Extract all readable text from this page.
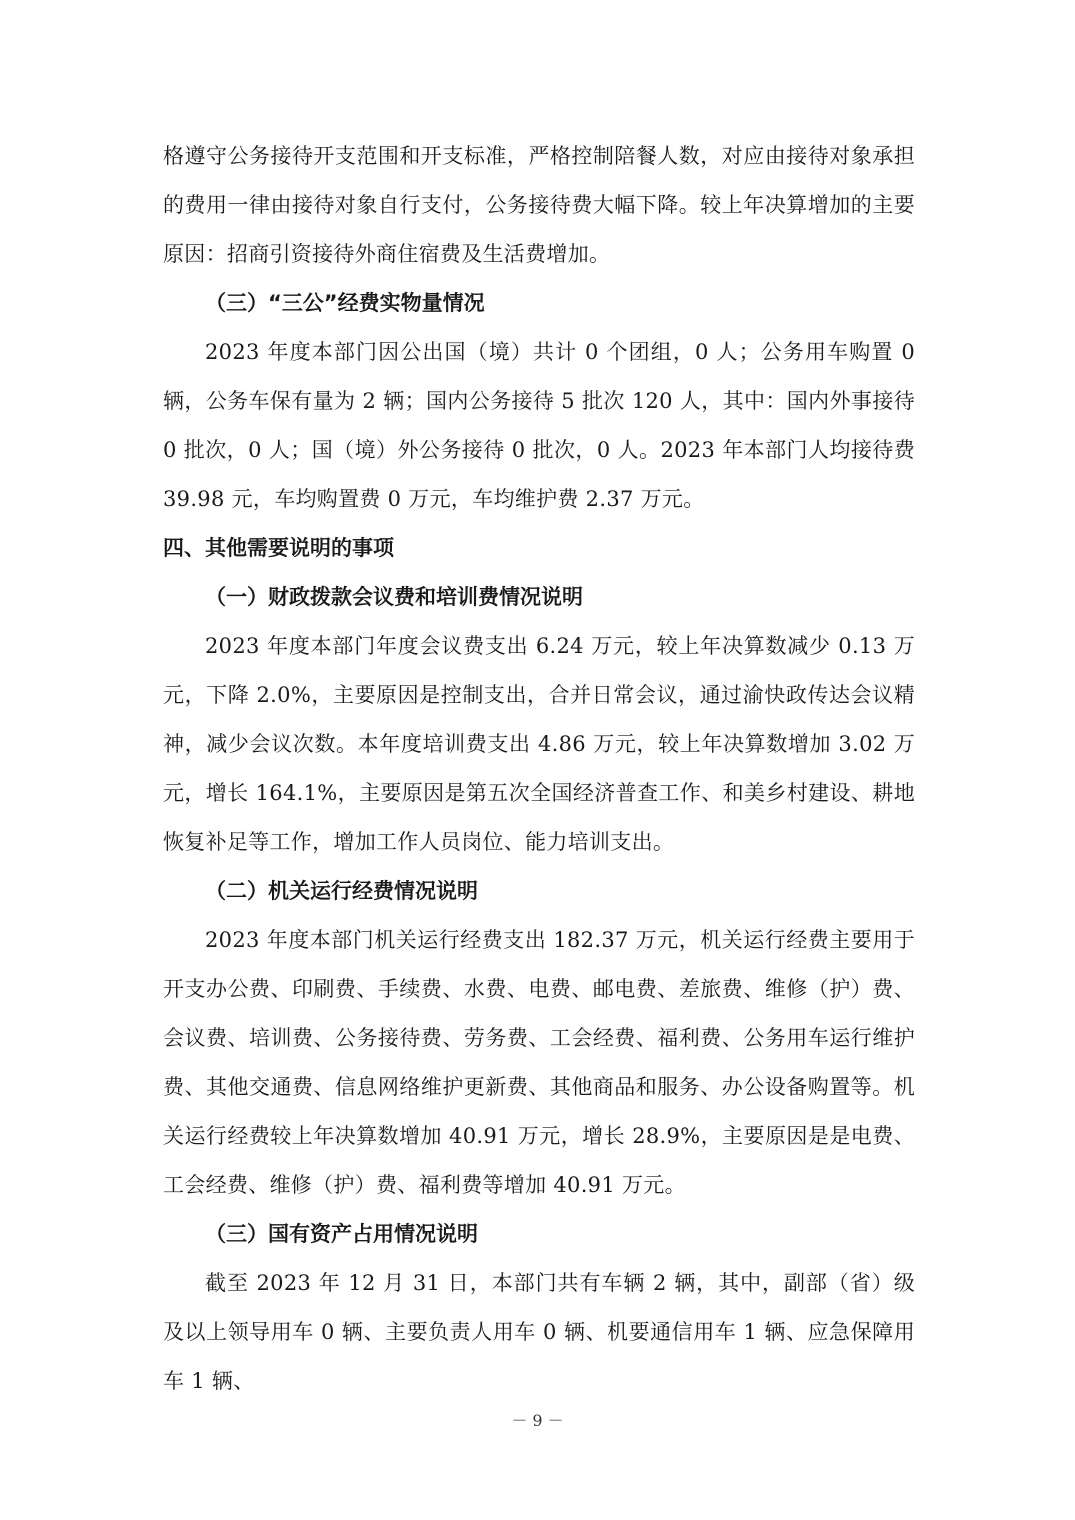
格遵守公务接待开支范围和开支标准，严格控制陪餐人数，对应由接待对象承担的费用一律由接待对象自行支付，公务接待费大幅下降。较上年决算增加的主要原因：招商引资接待外商住宿费及生活费增加。

（三）“三公”经费实物量情况

2023 年度本部门因公出国（境）共计 0 个团组，0 人；公务用车购置 0 辆，公务车保有量为 2 辆；国内公务接待 5 批次 120 人，其中：国内外事接待 0 批次，0 人；国（境）外公务接待 0 批次，0 人。2023 年本部门人均接待费 39.98 元，车均购置费 0 万元，车均维护费 2.37 万元。

四、其他需要说明的事项

（一）财政拨款会议费和培训费情况说明

2023 年度本部门年度会议费支出 6.24 万元，较上年决算数减少 0.13 万元，下降 2.0%，主要原因是控制支出，合并日常会议，通过渝快政传达会议精神，减少会议次数。本年度培训费支出 4.86 万元，较上年决算数增加 3.02 万元，增长 164.1%，主要原因是第五次全国经济普查工作、和美乡村建设、耕地恢复补足等工作，增加工作人员岗位、能力培训支出。

（二）机关运行经费情况说明

2023 年度本部门机关运行经费支出 182.37 万元，机关运行经费主要用于开支办公费、印刷费、手续费、水费、电费、邮电费、差旅费、维修（护）费、会议费、培训费、公务接待费、劳务费、工会经费、福利费、公务用车运行维护费、其他交通费、信息网络维护更新费、其他商品和服务、办公设备购置等。机关运行经费较上年决算数增加 40.91 万元，增长 28.9%，主要原因是是电费、工会经费、维修（护）费、福利费等增加 40.91 万元。

（三）国有资产占用情况说明

截至 2023 年 12 月 31 日，本部门共有车辆 2 辆，其中，副部（省）级及以上领导用车 0 辆、主要负责人用车 0 辆、机要通信用车 1 辆、应急保障用车 1 辆、

－ 9 －
